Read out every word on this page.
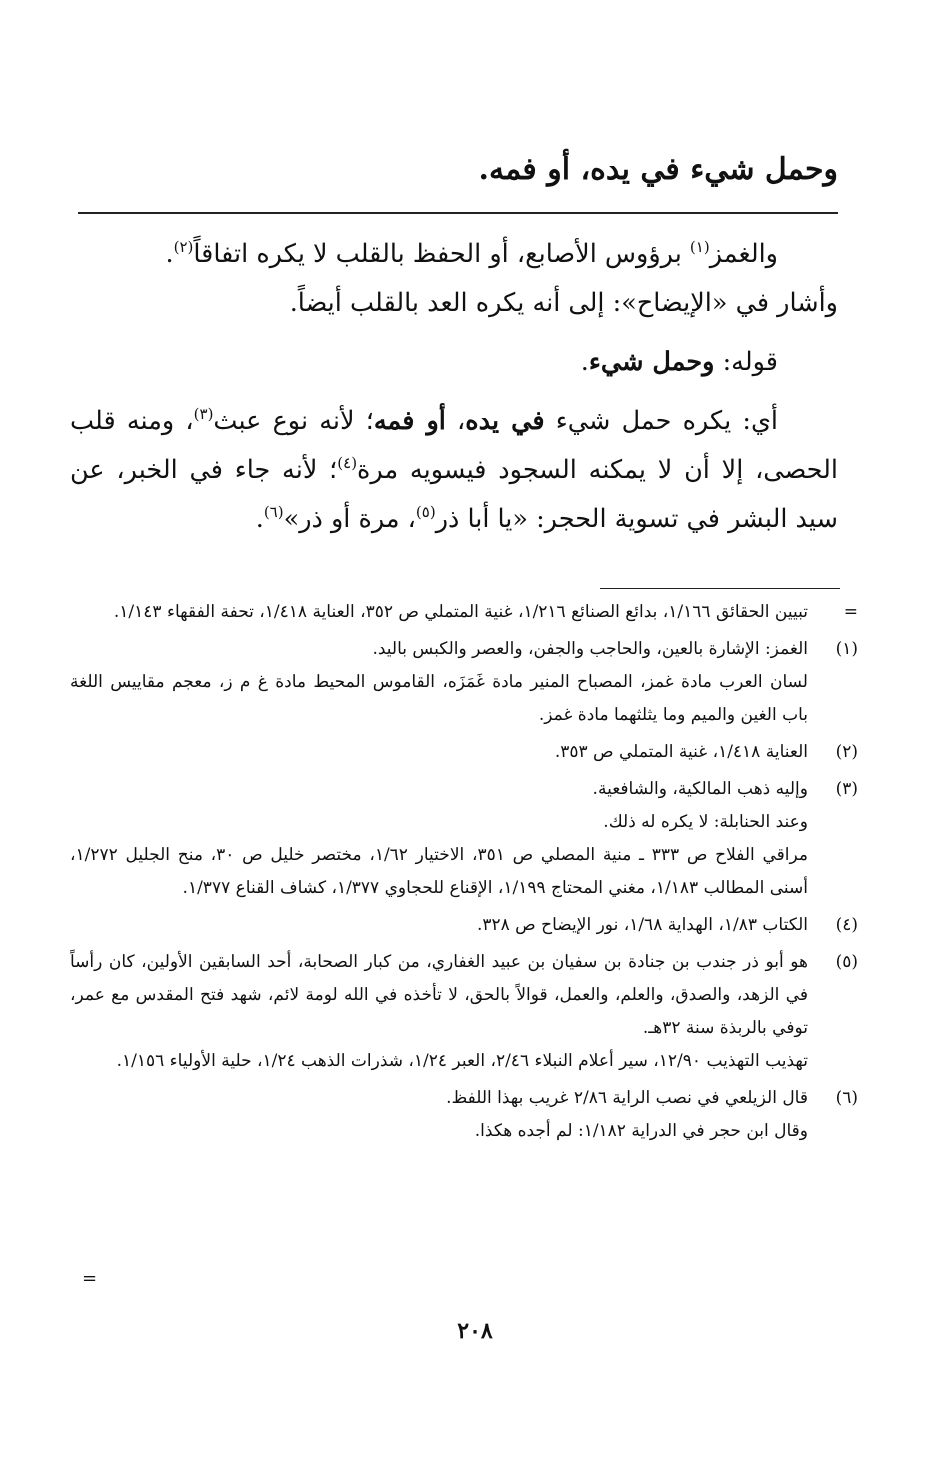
وحمل شيء في يده، أو فمه.

والغمز$^{(١)}$ برؤوس الأصابع، أو الحفظ بالقلب لا يكره اتفاقاً$^{(٢)}$.

وأشار في «الإيضاح»: إلى أنه يكره العد بالقلب أيضاً.

قوله: وحمل شيء.

أي: يكره حمل شيء في يده، أو فمه؛ لأنه نوع عبث$^{(٣)}$، ومنه قلب الحصى، إلا أن لا يمكنه السجود فيسويه مرة$^{(٤)}$؛ لأنه جاء في الخبر، عن سيد البشر في تسوية الحجر: «يا أبا ذر$^{(٥)}$، مرة أو ذر»$^{(٦)}$.

=

تبيين الحقائق ١/١٦٦، بدائع الصنائع ١/٢١٦، غنية المتملي ص ٣٥٢، العناية ١/٤١٨، تحفة الفقهاء ١/١٤٣.

(١)

الغمز: الإشارة بالعين، والحاجب والجفن، والعصر والكبس باليد.

لسان العرب مادة غمز، المصباح المنير مادة غَمَزَه، القاموس المحيط مادة غ م ز، معجم مقاييس اللغة باب الغين والميم وما يثلثهما مادة غمز.

(٢)

العناية ١/٤١٨، غنية المتملي ص ٣٥٣.

(٣)

وإليه ذهب المالكية، والشافعية.

وعند الحنابلة: لا يكره له ذلك.

مراقي الفلاح ص ٣٣٣ ـ منية المصلي ص ٣٥١، الاختيار ١/٦٢، مختصر خليل ص ٣٠، منح الجليل ١/٢٧٢، أسنى المطالب ١/١٨٣، مغني المحتاج ١/١٩٩، الإقناع للحجاوي ١/٣٧٧، كشاف القناع ١/٣٧٧.

(٤)

الكتاب ١/٨٣، الهداية ١/٦٨، نور الإيضاح ص ٣٢٨.

(٥)

هو أبو ذر جندب بن جنادة بن سفيان بن عبيد الغفاري، من كبار الصحابة، أحد السابقين الأولين، كان رأساً في الزهد، والصدق، والعلم، والعمل، قوالاً بالحق، لا تأخذه في الله لومة لائم، شهد فتح المقدس مع عمر، توفي بالربذة سنة ٣٢هـ.

تهذيب التهذيب ١٢/٩٠، سير أعلام النبلاء ٢/٤٦، العبر ١/٢٤، شذرات الذهب ١/٢٤، حلية الأولياء ١/١٥٦.

(٦)

قال الزيلعي في نصب الراية ٢/٨٦ غريب بهذا اللفظ.

وقال ابن حجر في الدراية ١/١٨٢: لم أجده هكذا.

=
٢٠٨
